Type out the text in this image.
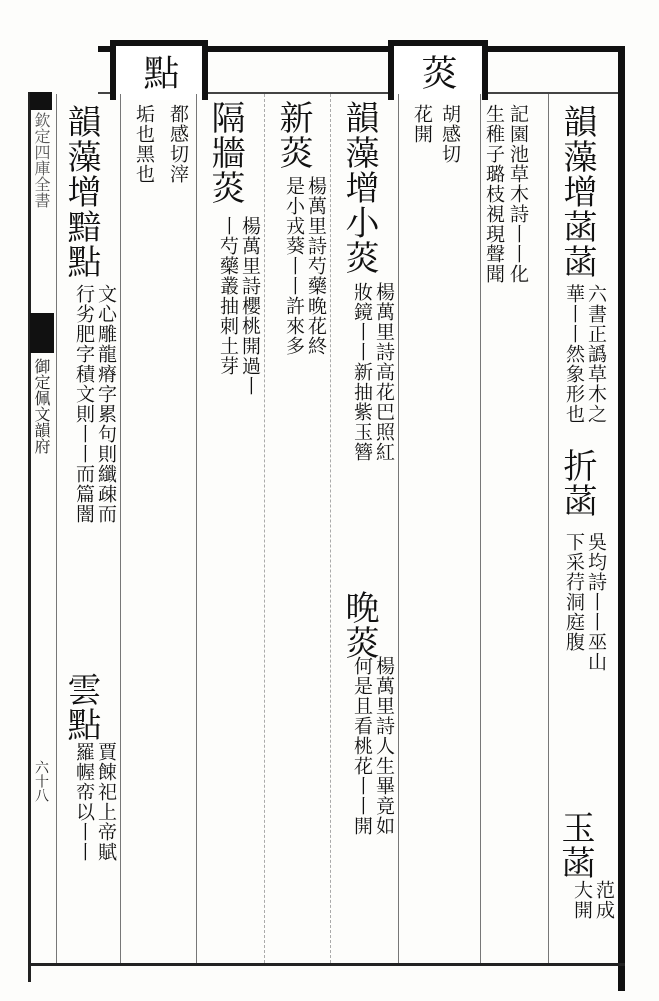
點	菼
欽定四庫全書
御定佩文韻府
六十八
韻藻增菡菡
六書正譌草木之
華丨丨然象形也
折菡
吳均詩丨丨巫山
下采荇洞庭腹
玉菡
范成
大開
記園池草木詩丨丨化
生稚子璐枝視現聲聞
胡感切
花開
韻藻增小菼
楊萬里詩高花巴照紅
妝鏡丨丨新抽紫玉簪
晚菼
楊萬里詩人生畢竟如
何是且看桃花丨丨開
新菼
楊萬里詩芍藥晚花終
是小戎葵丨丨許來多
隔牆菼
楊萬里詩櫻桃開過丨
丨芍藥叢抽刺土芽
都感切滓
垢也黑也
韻藻增黯點
文心雕龍瘠字累句則纖疎而
行劣肥字積文則丨丨而篇闇
雲點
賈餗祀上帝賦
羅幄帟以丨丨
